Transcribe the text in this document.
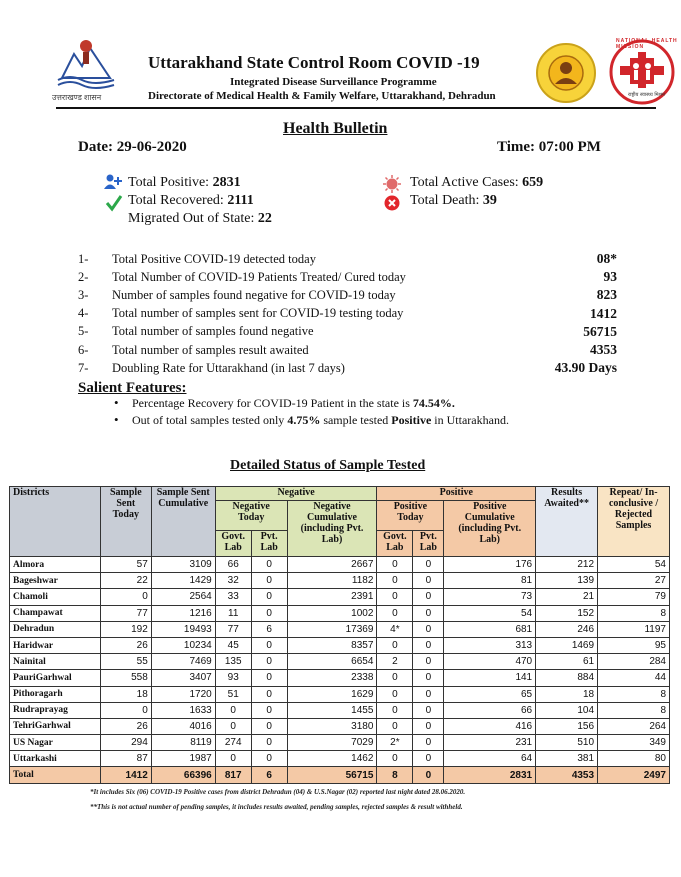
उत्तराखण्ड शासन
Uttarakhand State Control Room COVID -19
Integrated Disease Surveillance Programme
Directorate of Medical Health & Family Welfare, Uttarakhand, Dehradun
NATIONAL HEALTH MISSION
राष्ट्रीय स्वास्थ्य मिशन
Health Bulletin
Date: 29-06-2020	Time: 07:00 PM
Total Positive: 2831
Total Recovered: 2111
Migrated Out of State: 22
Total Active Cases: 659
Total Death: 39
1-	Total Positive COVID-19 detected today	08*
2-	Total Number of COVID-19 Patients Treated/ Cured today	93
3-	Number of samples found negative for COVID-19 today	823
4-	Total number of samples sent for COVID-19 testing today	1412
5-	Total number of samples found negative	56715
6-	Total number of samples result awaited	4353
7-	Doubling Rate for Uttarakhand (in last 7 days)	43.90 Days
Salient Features:
• Percentage Recovery for COVID-19 Patient in the state is 74.54%.
• Out of total samples tested only 4.75% sample tested Positive in Uttarakhand.
Detailed Status of Sample Tested
Districts	Sample Sent Today	Sample Sent Cumulative	Negative			Positive			Results Awaited**	Repeat/ In-conclusive / Rejected Samples
			Negative Today		Negative Cumulative (including Pvt. Lab)	Positive Today		Positive Cumulative (including Pvt. Lab)		
			Govt. Lab	Pvt. Lab		Govt. Lab	Pvt. Lab			
Almora	57	3109	66	0	2667	0	0	176	212	54
Bageshwar	22	1429	32	0	1182	0	0	81	139	27
Chamoli	0	2564	33	0	2391	0	0	73	21	79
Champawat	77	1216	11	0	1002	0	0	54	152	8
Dehradun	192	19493	77	6	17369	4*	0	681	246	1197
Haridwar	26	10234	45	0	8357	0	0	313	1469	95
Nainital	55	7469	135	0	6654	2	0	470	61	284
PauriGarhwal	558	3407	93	0	2338	0	0	141	884	44
Pithoragarh	18	1720	51	0	1629	0	0	65	18	8
Rudraprayag	0	1633	0	0	1455	0	0	66	104	8
TehriGarhwal	26	4016	0	0	3180	0	0	416	156	264
US Nagar	294	8119	274	0	7029	2*	0	231	510	349
Uttarkashi	87	1987	0	0	1462	0	0	64	381	80
Total	1412	66396	817	6	56715	8	0	2831	4353	2497
*It includes Six (06) COVID-19 Positive cases from district Dehradun (04) & U.S.Nagar (02) reported last night dated 28.06.2020.
**This is not actual number of pending samples, it includes results awaited, pending samples, rejected samples & result withheld.
